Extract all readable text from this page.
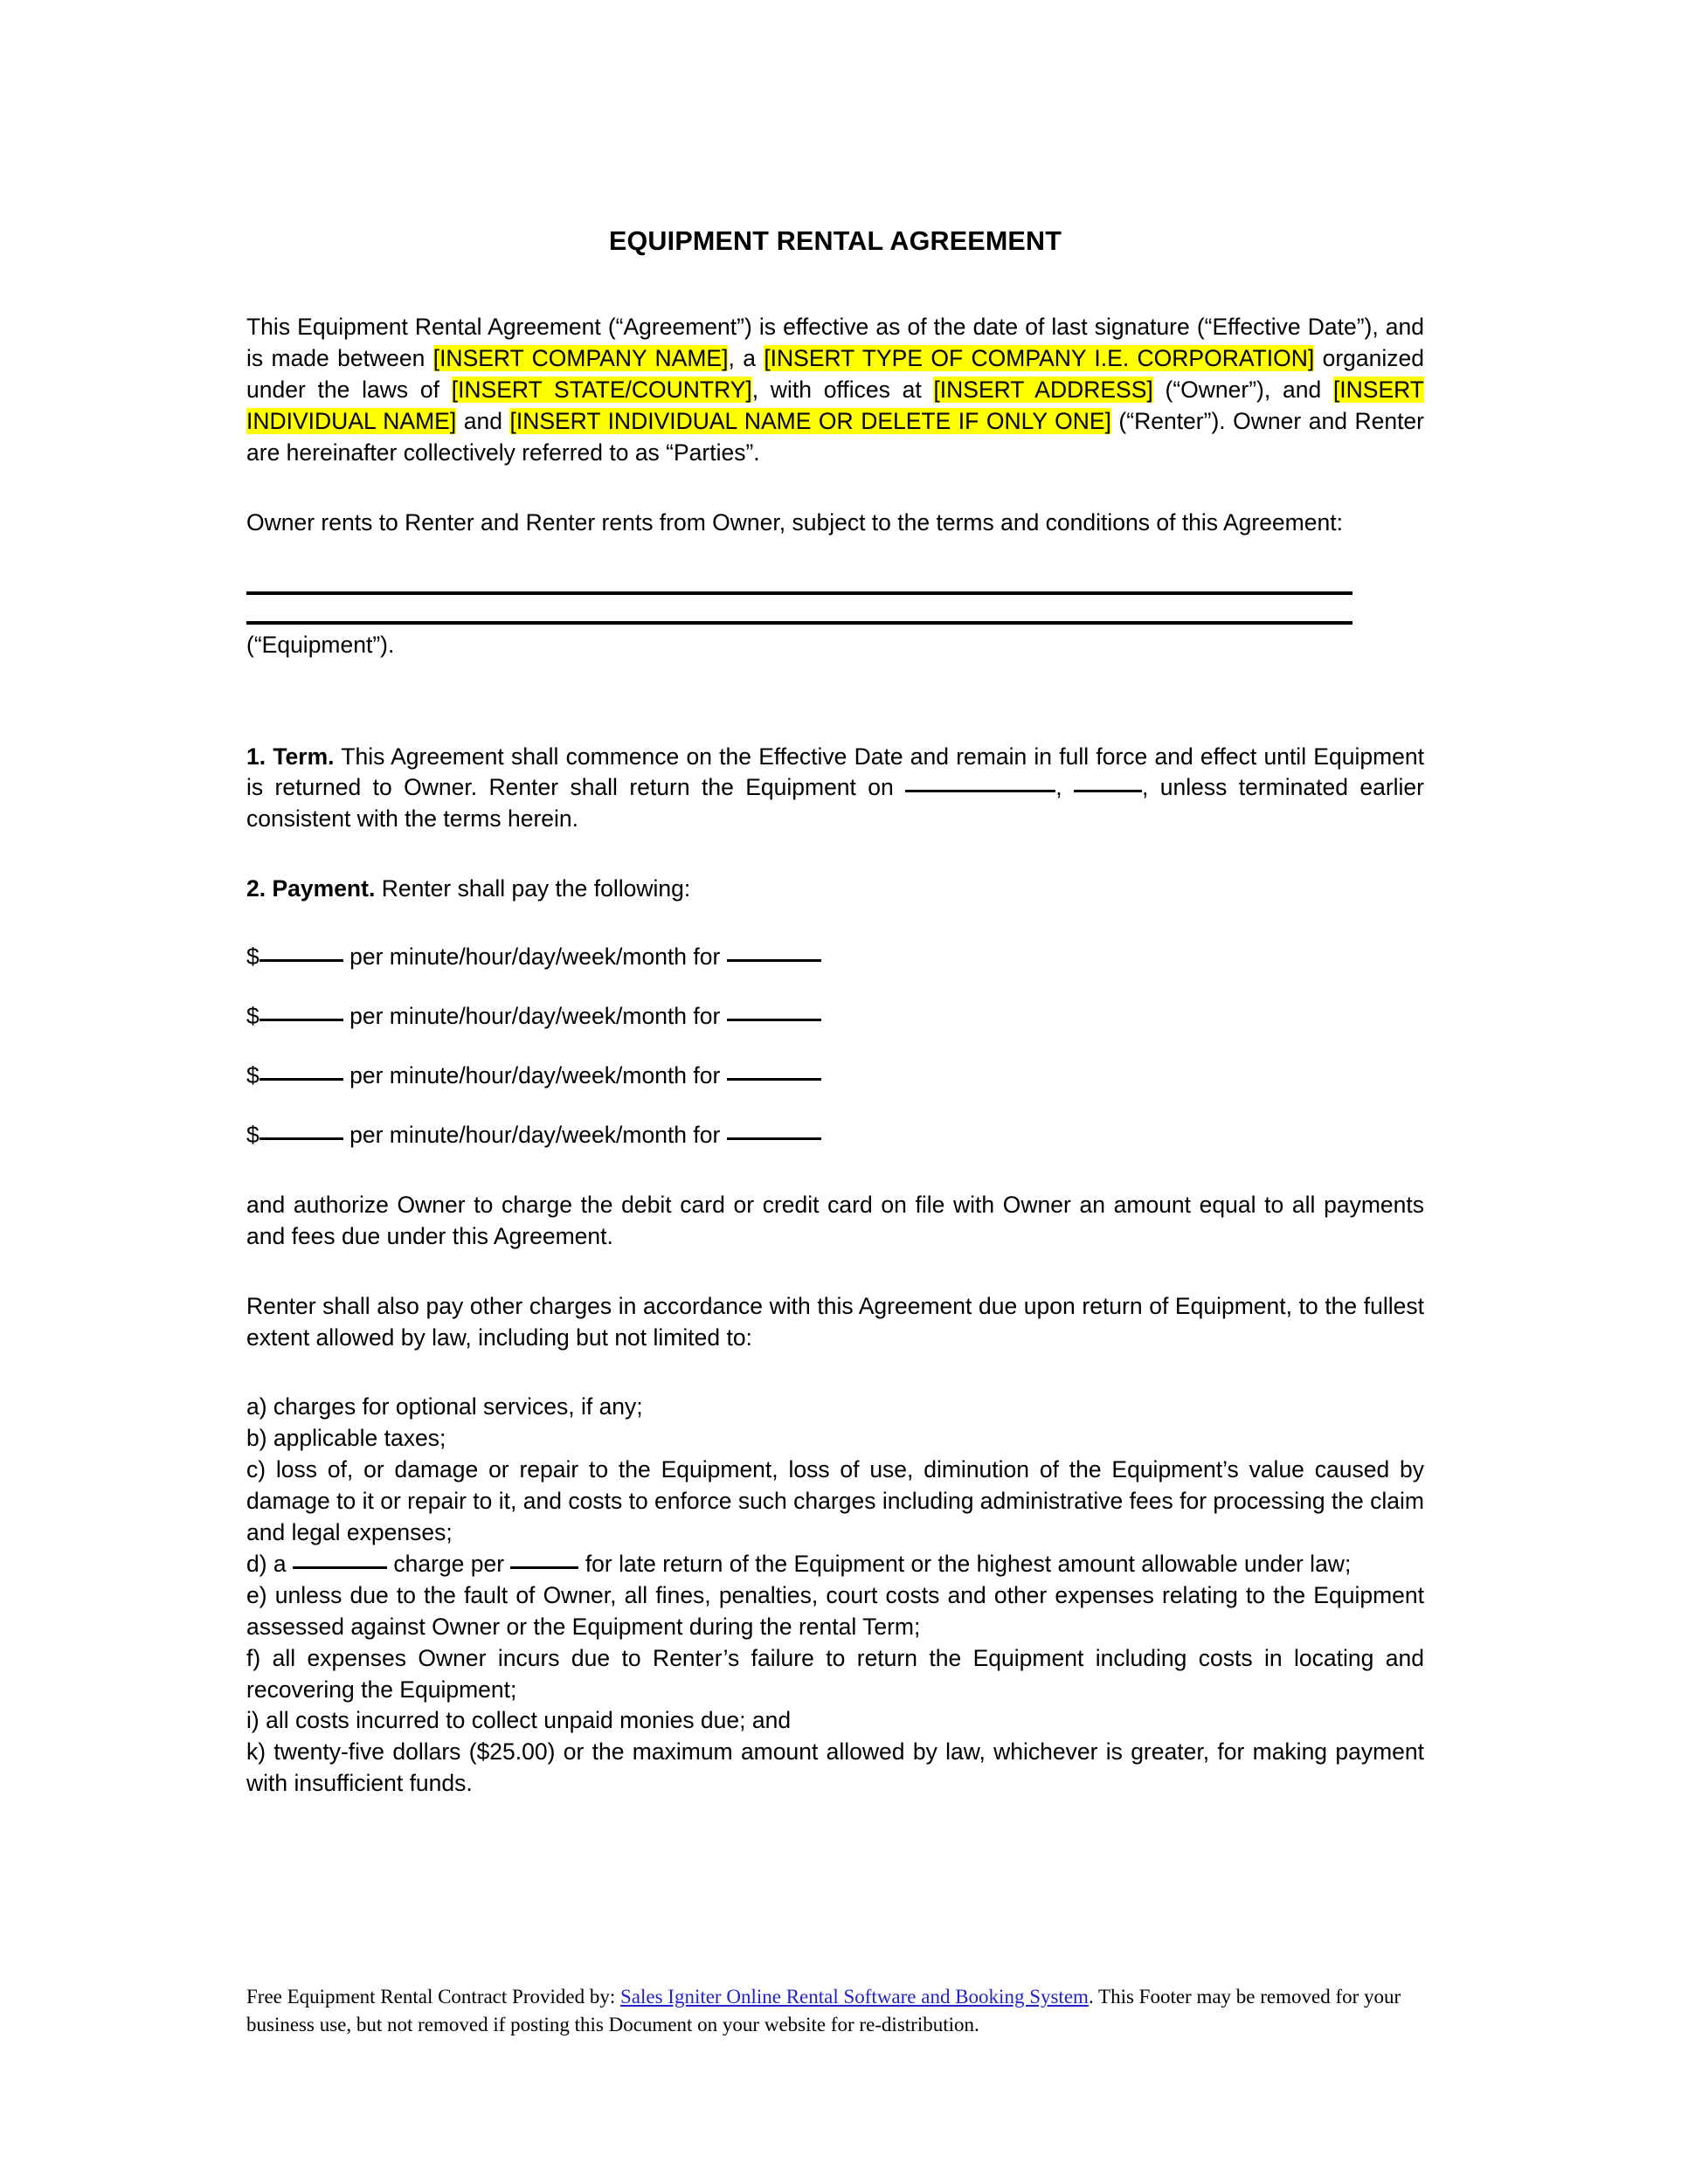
EQUIPMENT RENTAL AGREEMENT

This Equipment Rental Agreement (“Agreement”) is effective as of the date of last signature (“Effective Date”), and is made between [INSERT COMPANY NAME], a [INSERT TYPE OF COMPANY I.E. CORPORATION] organized under the laws of [INSERT STATE/COUNTRY], with offices at [INSERT ADDRESS] (“Owner”), and [INSERT INDIVIDUAL NAME] and [INSERT INDIVIDUAL NAME OR DELETE IF ONLY ONE] (“Renter”). Owner and Renter are hereinafter collectively referred to as “Parties”.

Owner rents to Renter and Renter rents from Owner, subject to the terms and conditions of this Agreement:

(“Equipment”).

1. Term. This Agreement shall commence on the Effective Date and remain in full force and effect until Equipment is returned to Owner. Renter shall return the Equipment on	,	, unless terminated earlier consistent with the terms herein.

2. Payment. Renter shall pay the following:

$	per minute/hour/day/week/month for

$	per minute/hour/day/week/month for

$	per minute/hour/day/week/month for

$	per minute/hour/day/week/month for

and authorize Owner to charge the debit card or credit card on file with Owner an amount equal to all payments and fees due under this Agreement.

Renter shall also pay other charges in accordance with this Agreement due upon return of Equipment, to the fullest extent allowed by law, including but not limited to:

a) charges for optional services, if any;

b) applicable taxes;

c) loss of, or damage or repair to the Equipment, loss of use, diminution of the Equipment’s value caused by damage to it or repair to it, and costs to enforce such charges including administrative fees for processing the claim and legal expenses;

d) a	charge per	for late return of the Equipment or the highest amount allowable under law;

e) unless due to the fault of Owner, all fines, penalties, court costs and other expenses relating to the Equipment assessed against Owner or the Equipment during the rental Term;

f) all expenses Owner incurs due to Renter’s failure to return the Equipment including costs in locating and recovering the Equipment;

i) all costs incurred to collect unpaid monies due; and

k) twenty-five dollars ($25.00) or the maximum amount allowed by law, whichever is greater, for making payment with insufficient funds.

Free Equipment Rental Contract Provided by: Sales Igniter Online Rental Software and Booking System. This Footer may be removed for your business use, but not removed if posting this Document on your website for re-distribution.
